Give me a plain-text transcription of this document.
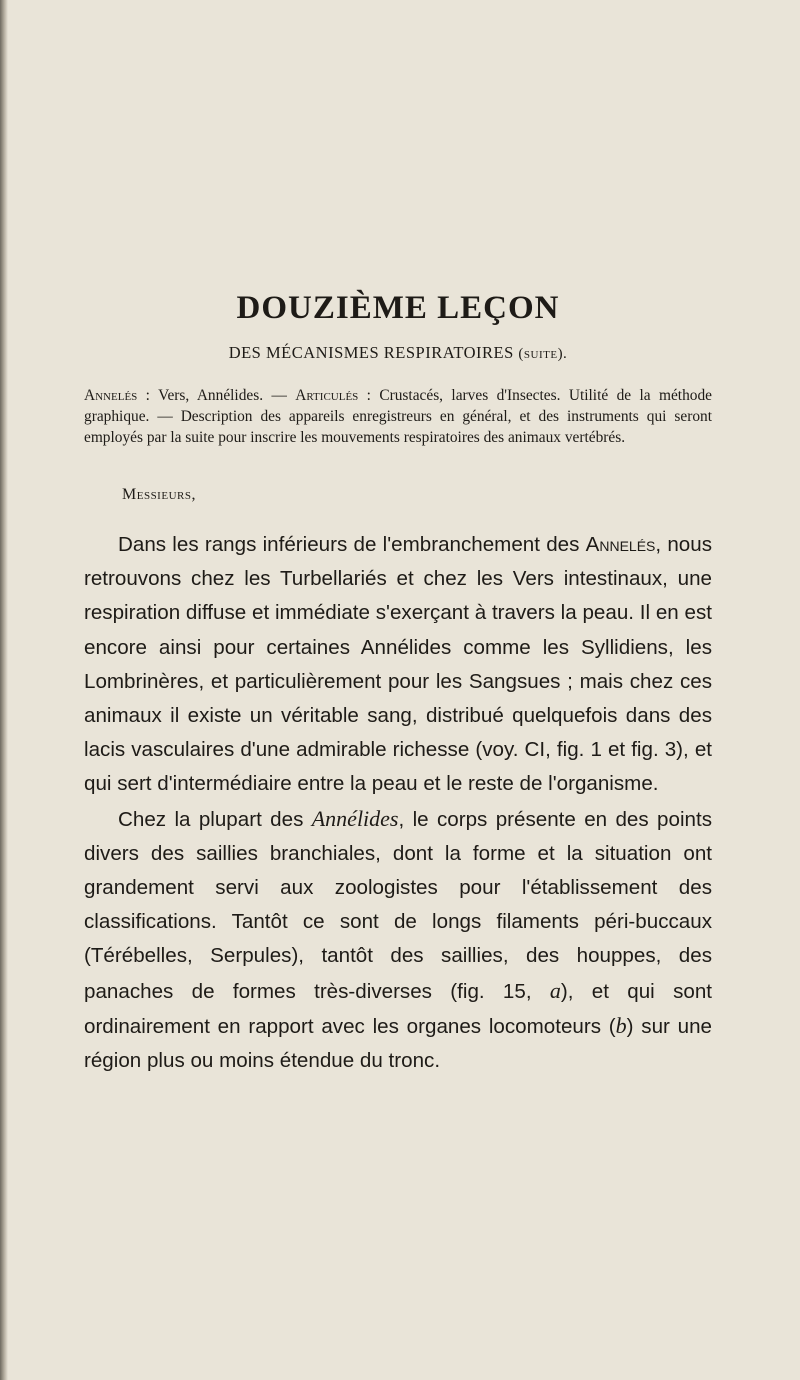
DOUZIÈME LEÇON
DES MÉCANISMES RESPIRATOIRES (suite).

Annelés : Vers, Annélides. — Articulés : Crustacés, larves d'Insectes. Utilité de la méthode graphique. — Description des appareils enregistreurs en général, et des instruments qui seront employés par la suite pour inscrire les mouvements respiratoires des animaux vertébrés.

Messieurs,

Dans les rangs inférieurs de l'embranchement des Annelés, nous retrouvons chez les Turbellariés et chez les Vers intestinaux, une respiration diffuse et immédiate s'exerçant à travers la peau. Il en est encore ainsi pour certaines Annélides comme les Syllidiens, les Lombrinères, et particulièrement pour les Sangsues ; mais chez ces animaux il existe un véritable sang, distribué quelquefois dans des lacis vasculaires d'une admirable richesse (voy. CI, fig. 1 et fig. 3), et qui sert d'intermédiaire entre la peau et le reste de l'organisme.

Chez la plupart des Annélides, le corps présente en des points divers des saillies branchiales, dont la forme et la situation ont grandement servi aux zoologistes pour l'établissement des classifications. Tantôt ce sont de longs filaments péri-buccaux (Térébelles, Serpules), tantôt des saillies, des houppes, des panaches de formes très-diverses (fig. 15, a), et qui sont ordinairement en rapport avec les organes locomoteurs (b) sur une région plus ou moins étendue du tronc.
